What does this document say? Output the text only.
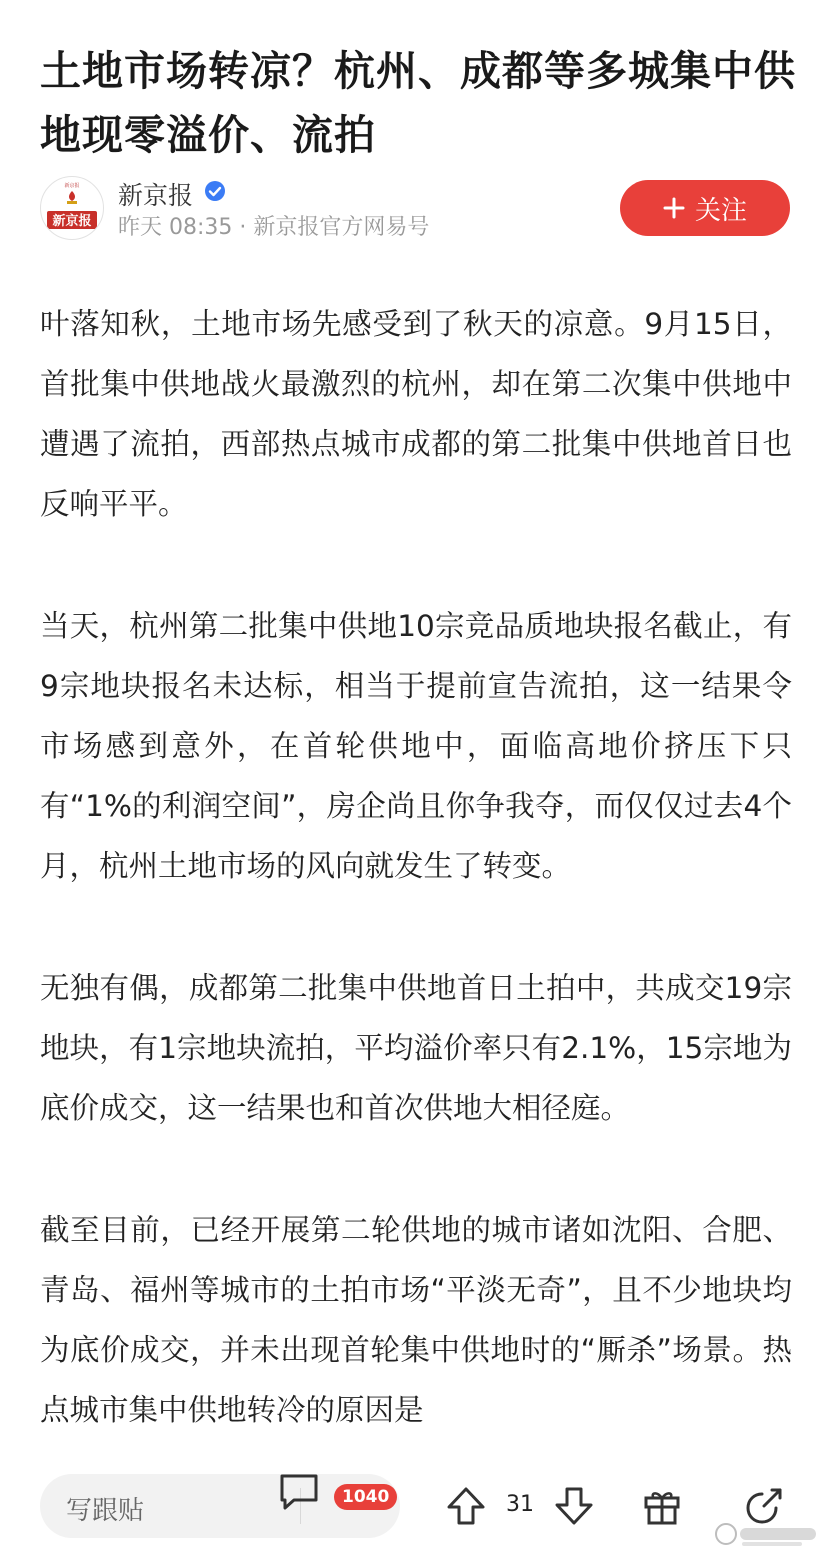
土地市场转凉？杭州、成都等多城集中供地现零溢价、流拍
新京报
新京报
新京报
昨天 08:35 · 新京报官方网易号
关注

叶落知秋，土地市场先感受到了秋天的凉意。9月15日，首批集中供地战火最激烈的杭州，却在第二次集中供地中遭遇了流拍，西部热点城市成都的第二批集中供地首日也反响平平。

当天，杭州第二批集中供地10宗竞品质地块报名截止，有9宗地块报名未达标，相当于提前宣告流拍，这一结果令市场感到意外，在首轮供地中，面临高地价挤压下只有“1%的利润空间”，房企尚且你争我夺，而仅仅过去4个月，杭州土地市场的风向就发生了转变。

无独有偶，成都第二批集中供地首日土拍中，共成交19宗地块，有1宗地块流拍，平均溢价率只有2.1%，15宗地为底价成交，这一结果也和首次供地大相径庭。

截至目前，已经开展第二轮供地的城市诸如沈阳、合肥、青岛、福州等城市的土拍市场“平淡无奇”，且不少地块均为底价成交，并未出现首轮集中供地时的“厮杀”场景。热点城市集中供地转冷的原因是

写跟贴	1040	31
